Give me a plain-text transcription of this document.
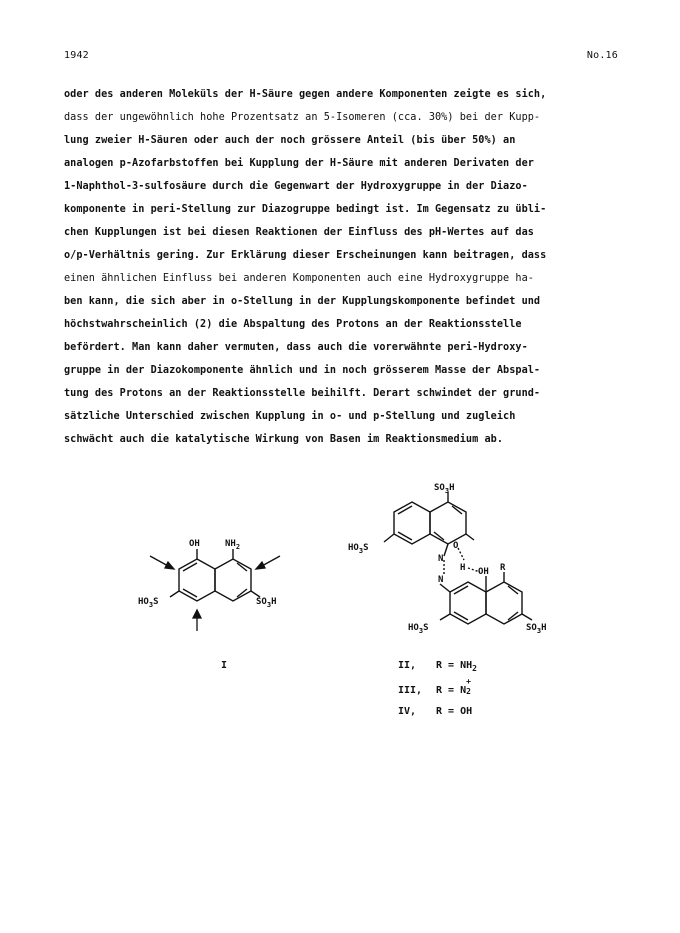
1942	No.16
oder des anderen Moleküls der H-Säure gegen andere Komponenten zeigte es sich,
dass der ungewöhnlich hohe Prozentsatz an 5-Isomeren (cca. 30%) bei der Kupp-
lung zweier H-Säuren oder auch der noch grössere Anteil (bis über 50%) an
analogen p-Azofarbstoffen bei Kupplung der H-Säure mit anderen Derivaten der
1-Naphthol-3-sulfosäure durch die Gegenwart der Hydroxygruppe in der Diazo-
komponente in peri-Stellung zur Diazogruppe bedingt ist. Im Gegensatz zu übli-
chen Kupplungen ist bei diesen Reaktionen der Einfluss des pH-Wertes auf das
o/p-Verhältnis gering. Zur Erklärung dieser Erscheinungen kann beitragen, dass
einen ähnlichen Einfluss bei anderen Komponenten auch eine Hydroxygruppe ha-
ben kann, die sich aber in o-Stellung in der Kupplungskomponente befindet und
höchstwahrscheinlich (2) die Abspaltung des Protons an der Reaktionsstelle
befördert. Man kann daher vermuten, dass auch die vorerwähnte peri-Hydroxy-
gruppe in der Diazokomponente ähnlich und in noch grösserem Masse der Abspal-
tung des Protons an der Reaktionsstelle beihilft. Derart schwindet der grund-
sätzliche Unterschied zwischen Kupplung in o- und p-Stellung und zugleich
schwächt auch die katalytische Wirkung von Basen im Reaktionsmedium ab.
OH	$NH_2$
$HO_3S$	$SO_3H$
$SO_3H$
$HO_3S$	O
H
N
N
OH R
$HO_3S$	$SO_3H$
I	II, $R = NH_2$
III, R = N
+
2
IV, R = OH
